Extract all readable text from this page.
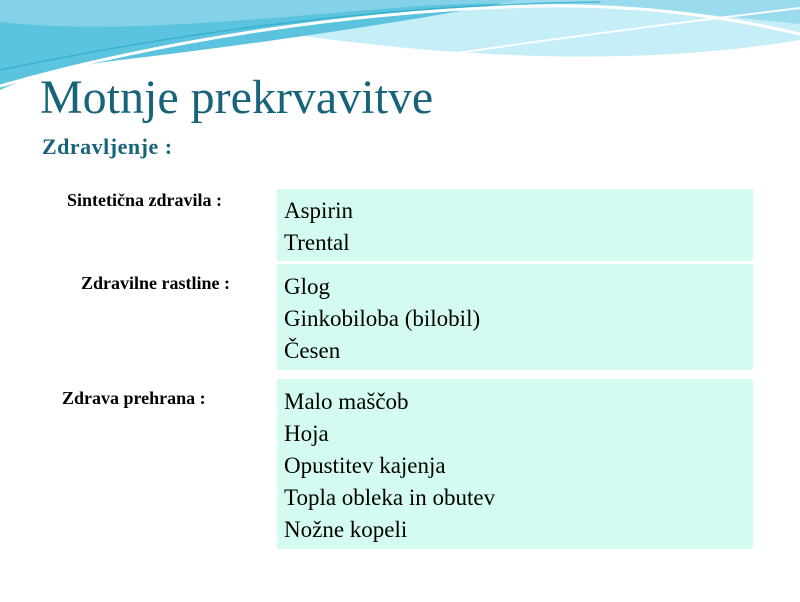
Motnje prekrvavitve
Zdravljenje :
Sintetična zdravila :	Aspirin
Trental
Zdravilne rastline :	Glog
Ginkobiloba (bilobil)
Česen
Zdrava prehrana :	Malo maščob
Hoja
Opustitev kajenja
Topla obleka in obutev
Nožne kopeli
